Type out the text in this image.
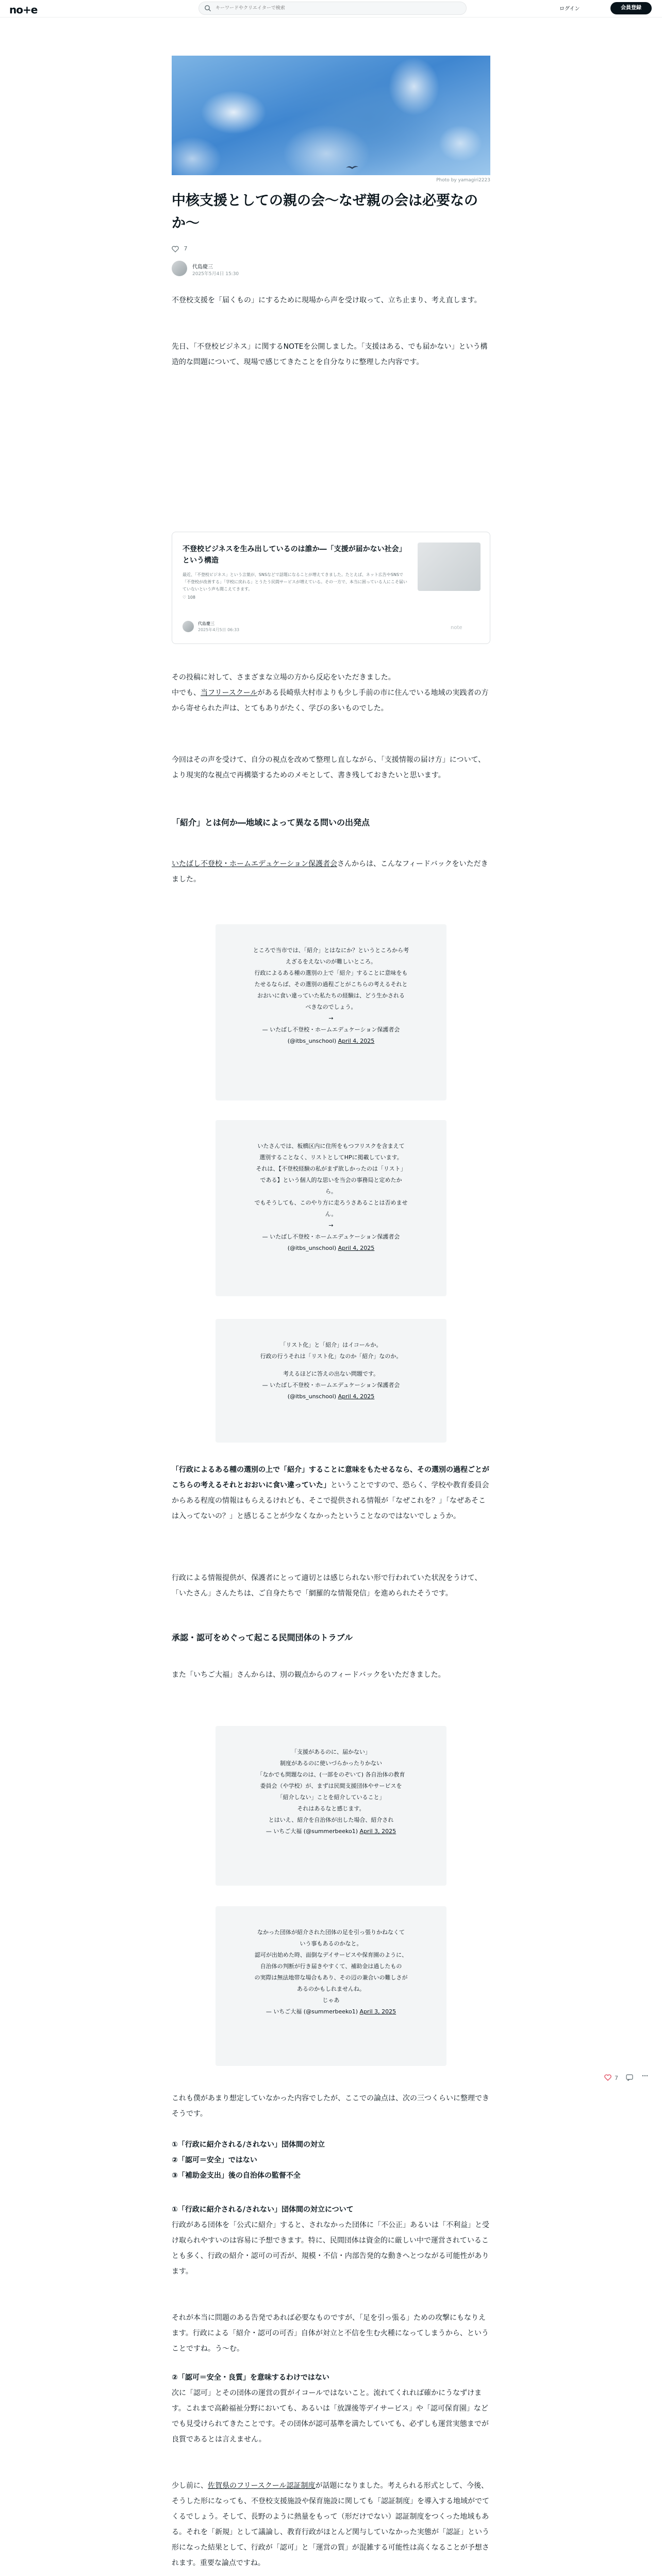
no+e
キーワードやクリエイターで検索	ログイン	会員登録
Photo by yamagiri2223
中核支援としての親の会〜なぜ親の会は必要なのか〜
7
代島慶三
2025年5月4日 15:30
不登校支援を「届くもの」にするために現場から声を受け取って、立ち止まり、考え直します。
先日、「不登校ビジネス」に関するNOTEを公開しました。「支援はある、でも届かない」という構造的な問題について、現場で感じてきたことを自分なりに整理した内容です。
不登校ビジネスを生み出しているのは誰か―「支援が届かない社会」という構造
最近、「不登校ビジネス」という言葉が、SNSなどで話題になることが増えてきました。たとえば、ネット広告やSNSで「不登校が改善する」「学校に戻れる」とうたう民間サービスが増えている。その一方で、本当に困っている人にこそ届いていないという声も聞こえてきます。
♡ 108
代島慶三
2025年4月5日 06:33	note
その投稿に対して、さまざまな立場の方から反応をいただきました。
中でも、当フリースクールがある長崎県大村市よりも少し手前の市に住んでいる地域の実践者の方から寄せられた声は、とてもありがたく、学びの多いものでした。
今回はその声を受けて、自分の視点を改めて整理し直しながら、「支援情報の届け方」について、より現実的な視点で再構築するためのメモとして、書き残しておきたいと思います。
「紹介」とは何か―地域によって異なる問いの出発点
いたばし不登校・ホームエデュケーション保護者会さんからは、こんなフィードバックをいただきました。
ところで当市では、「紹介」とはなにか？というところから考
えざるをえないのが難しいところ。
行政によるある種の選別の上で「紹介」することに意味をも
たせるならば、その選別の過程ごとがこちらの考えるそれと
おおいに食い違っていた私たちの経験は、どう生かされる
べきなのでしょう。
→
— いたばし不登校・ホームエデュケーション保護者会
(@itbs_unschool) April 4, 2025
いたさんでは、板橋区内に住所をもつフリスクを含まえて
選別することなく、リストとしてHPに掲載しています。
それは、【不登校経験の私がまず欲しかったのは「リスト」
である】という個人的な思いを当会の事務局と定めたか
ら。
でもそうしても、このやり方に走ろうさあることは否めませ
ん。
→
— いたばし不登校・ホームエデュケーション保護者会
(@itbs_unschool) April 4, 2025
「リスト化」と「紹介」はイコールか。
行政の行うそれは「リスト化」なのか「紹介」なのか。
考えるほどに答えの出ない問題です。
— いたばし不登校・ホームエデュケーション保護者会
(@itbs_unschool) April 4, 2025
「行政によるある種の選別の上で「紹介」することに意味をもたせるなら、その選別の過程ごとがこちらの考えるそれとおおいに食い違っていた」ということですので、恐らく、学校や教育委員会からある程度の情報はもらえるけれども、そこで提供される情報が「なぜこれを？」「なぜあそこは入ってないの？」と感じることが少なくなかったということなのではないでしょうか。
行政による情報提供が、保護者にとって適切とは感じられない形で行われていた状況をうけて、「いたさん」さんたちは、ご自身たちで「網羅的な情報発信」を進められたそうです。
承認・認可をめぐって起こる民間団体のトラブル
また「いちご大福」さんからは、別の観点からのフィードバックをいただきました。
「支援があるのに、届かない」
制度があるのに使いづらかったりかない
「なかでも問題なのは、(一部をのぞいて) 各自治体の教育
委員会（や学校）が、まずは民間支援団体やサービスを
「紹介しない」ことを紹介していること」
それはあるなと感じます。
とはいえ、紹介を自治体が出した場合、紹介され
— いちご大福 (@summerbeeko1) April 3, 2025
なかった団体が紹介された団体の足を引っ張りかねなくて
いう事もあるのかなと。
認可が出始めた時、面倒なデイサービスや保育園のように、
自治体の判断が行き届きやすくて、補助金は過したもの
の実際は無法地帯な場合もあり、その辺の兼合いの難しさが
あるのかもしれませんね。
じゃあ
— いちご大福 (@summerbeeko1) April 3, 2025
これも僕があまり想定していなかった内容でしたが、ここでの論点は、次の三つくらいに整理できそうです。
①「行政に紹介される/されない」団体間の対立
②「認可＝安全」ではない
③「補助金支出」後の自治体の監督不全
①「行政に紹介される/されない」団体間の対立について
行政がある団体を「公式に紹介」すると、されなかった団体に「不公正」あるいは「不利益」と受け取られやすいのは容易に予想できます。特に、民間団体は資金的に厳しい中で運営されていることも多く、行政の紹介・認可の可否が、規模・不信・内部告発的な動きへとつながる可能性があります。
それが本当に問題のある告発であれば必要なものですが、「足を引っ張る」ための攻撃にもなりえます。行政による「紹介・認可の可否」自体が対立と不信を生む火種になってしまうから、ということですね。う〜む。
②「認可＝安全・良質」を意味するわけではない
次に「認可」とその団体の運営の質がイコールではないこと。流れてくれれば確かにうなずけます。これまで高齢福祉分野においても、あるいは「放課後等デイサービス」や「認可保育園」などでも見受けられてきたことです。その団体が認可基準を満たしていても、必ずしも運営実態までが良質であるとは言えません。
少し前に、佐賀県のフリースクール認証制度が話題になりました。考えられる形式として、今後、そうした形になっても、不登校支援施設や保育施設に関しても「認証制度」を導入する地域がでてくるでしょう。そして、長野のように熱量をもって（形だけでない）認証制度をつくった地域もある。それを「新規」として議論し、教育行政がほとんど関与していなかった実態が「認証」という形になった結果として、行政が「認可」と「運営の質」が混雑する可能性は高くなることが予想されます。重要な論点ですね。
7
